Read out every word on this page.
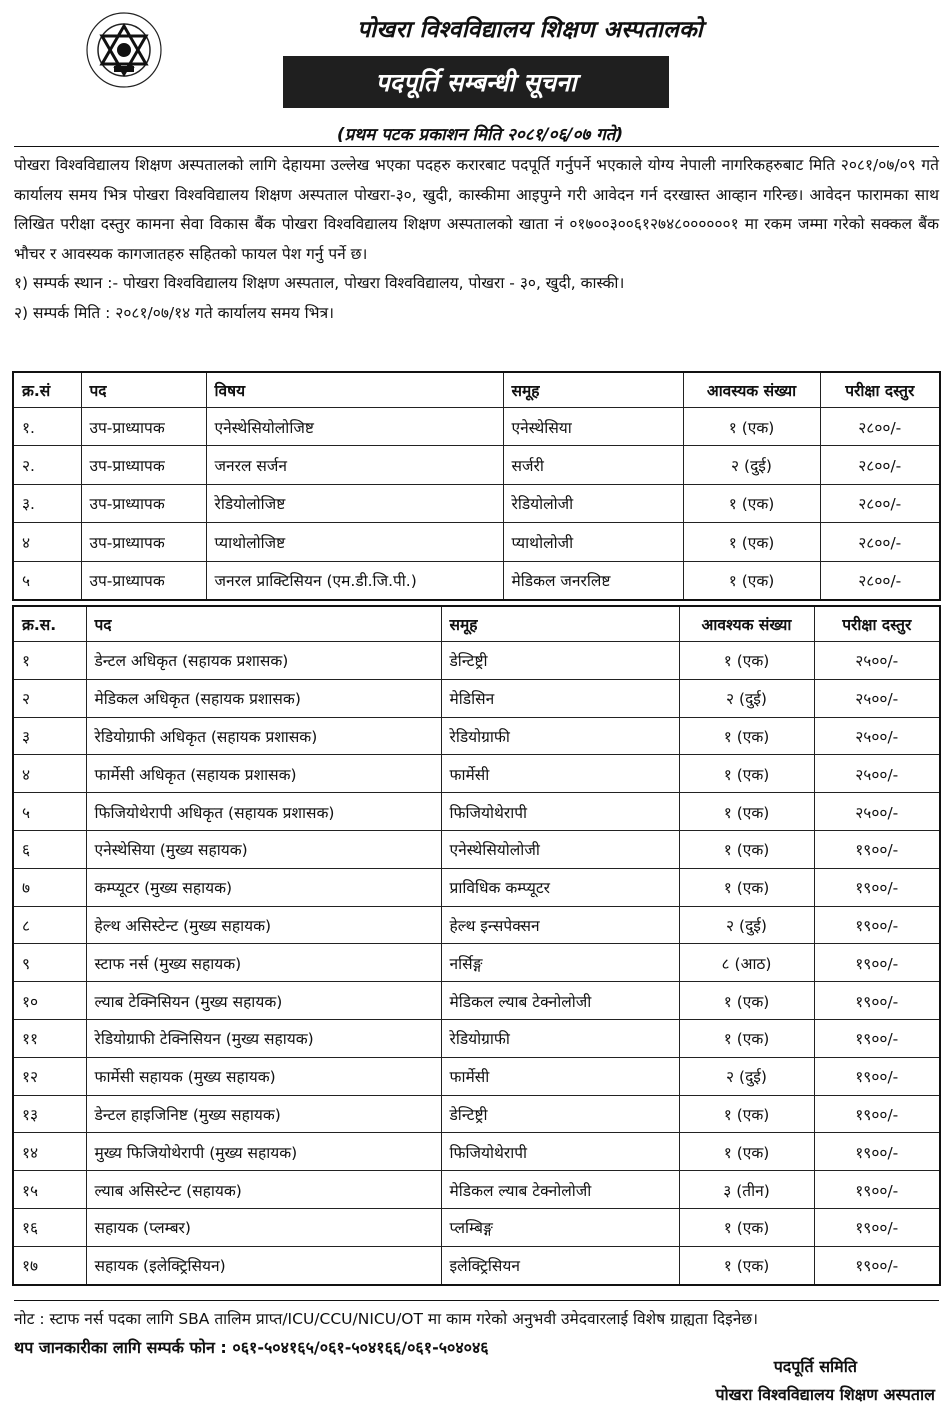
पोखरा विश्वविद्यालय शिक्षण अस्पतालको
पदपूर्ति सम्बन्धी सूचना
(प्रथम पटक प्रकाशन मिति २०८१/०६/०७ गते)

पोखरा विश्वविद्यालय शिक्षण अस्पतालको लागि देहायमा उल्लेख भएका पदहरु करारबाट पदपूर्ति गर्नुपर्ने भएकाले योग्य नेपाली नागरिकहरुबाट मिति २०८१/०७/०९ गते कार्यालय समय भित्र पोखरा विश्वविद्यालय शिक्षण अस्पताल पोखरा-३०, खुदी, कास्कीमा आइपुग्ने गरी आवेदन गर्न दरखास्त आव्हान गरिन्छ। आवेदन फारामका साथ लिखित परीक्षा दस्तुर कामना सेवा विकास बैंक पोखरा विश्वविद्यालय शिक्षण अस्पतालको खाता नं ०१७००३००६१२७४८००००००१ मा रकम जम्मा गरेको सक्कल बैंक भौचर र आवस्यक कागजातहरु सहितको फायल पेश गर्नु पर्ने छ।

१) सम्पर्क स्थान :- पोखरा विश्वविद्यालय शिक्षण अस्पताल, पोखरा विश्वविद्यालय, पोखरा - ३०, खुदी, कास्की।
२) सम्पर्क मिति : २०८१/०७/१४ गते कार्यालय समय भित्र।
क्र.सं	पद	विषय	समूह	आवस्यक संख्या	परीक्षा दस्तुर
१.	उप-प्राध्यापक	एनेस्थेसियोलोजिष्ट	एनेस्थेसिया	१ (एक)	२८००/-
२.	उप-प्राध्यापक	जनरल सर्जन	सर्जरी	२ (दुई)	२८००/-
३.	उप-प्राध्यापक	रेडियोलोजिष्ट	रेडियोलोजी	१ (एक)	२८००/-
४	उप-प्राध्यापक	प्याथोलोजिष्ट	प्याथोलोजी	१ (एक)	२८००/-
५	उप-प्राध्यापक	जनरल प्राक्टिसियन (एम.डी.जि.पी.)	मेडिकल जनरलिष्ट	१ (एक)	२८००/-
क्र.स.	पद	समूह	आवश्यक संख्या	परीक्षा दस्तुर
१	डेन्टल अधिकृत (सहायक प्रशासक)	डेन्टिष्ट्री	१ (एक)	२५००/-
२	मेडिकल अधिकृत (सहायक प्रशासक)	मेडिसिन	२ (दुई)	२५००/-
३	रेडियोग्राफी अधिकृत (सहायक प्रशासक)	रेडियोग्राफी	१ (एक)	२५००/-
४	फार्मेसी अधिकृत (सहायक प्रशासक)	फार्मेसी	१ (एक)	२५००/-
५	फिजियोथेरापी अधिकृत (सहायक प्रशासक)	फिजियोथेरापी	१ (एक)	२५००/-
६	एनेस्थेसिया (मुख्य सहायक)	एनेस्थेसियोलोजी	१ (एक)	१९००/-
७	कम्प्यूटर (मुख्य सहायक)	प्राविधिक कम्प्यूटर	१ (एक)	१९००/-
८	हेल्थ असिस्टेन्ट (मुख्य सहायक)	हेल्थ इन्सपेक्सन	२ (दुई)	१९००/-
९	स्टाफ नर्स (मुख्य सहायक)	नर्सिङ्ग	८ (आठ)	१९००/-
१०	ल्याब टेक्निसियन (मुख्य सहायक)	मेडिकल ल्याब टेक्नोलोजी	१ (एक)	१९००/-
११	रेडियोग्राफी टेक्निसियन (मुख्य सहायक)	रेडियोग्राफी	१ (एक)	१९००/-
१२	फार्मेसी सहायक (मुख्य सहायक)	फार्मेसी	२ (दुई)	१९००/-
१३	डेन्टल हाइजिनिष्ट (मुख्य सहायक)	डेन्टिष्ट्री	१ (एक)	१९००/-
१४	मुख्य फिजियोथेरापी (मुख्य सहायक)	फिजियोथेरापी	१ (एक)	१९००/-
१५	ल्याब असिस्टेन्ट (सहायक)	मेडिकल ल्याब टेक्नोलोजी	३ (तीन)	१९००/-
१६	सहायक (प्लम्बर)	प्लम्बिङ्ग	१ (एक)	१९००/-
१७	सहायक (इलेक्ट्रिसियन)	इलेक्ट्रिसियन	१ (एक)	१९००/-
नोट : स्टाफ नर्स पदका लागि SBA तालिम प्राप्त/ICU/CCU/NICU/OT मा काम गरेको अनुभवी उमेदवारलाई विशेष ग्राह्यता दिइनेछ।
थप जानकारीका लागि सम्पर्क फोन : ०६१-५०४१६५/०६१-५०४१६६/०६१-५०४०४६
पदपूर्ति समिति
पोखरा विश्वविद्यालय शिक्षण अस्पताल
